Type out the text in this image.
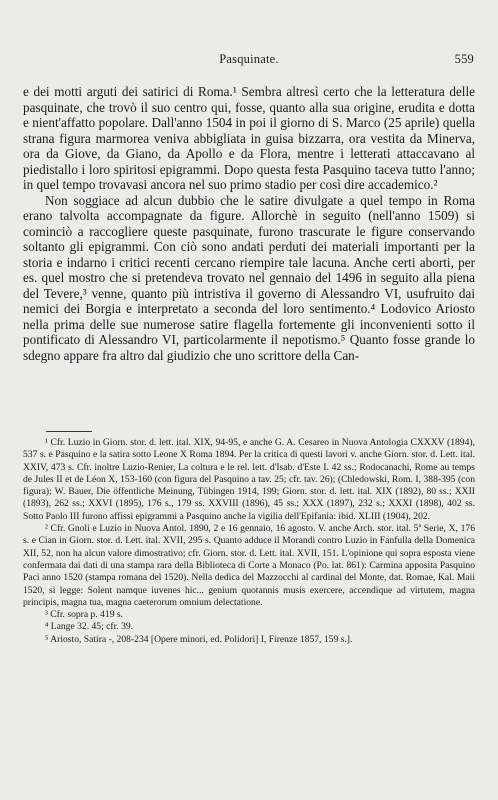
Pasquinate.	559

e dei motti arguti dei satirici di Roma.¹ Sembra altresì certo che la letteratura delle pasquinate, che trovò il suo centro qui, fosse, quanto alla sua origine, erudita e dotta e nient'affatto popolare. Dall'anno 1504 in poi il giorno di S. Marco (25 aprile) quella strana figura marmorea veniva abbigliata in guisa bizzarra, ora vestita da Minerva, ora da Giove, da Giano, da Apollo e da Flora, mentre i letterati attaccavano al piedistallo i loro spiritosi epigrammi. Dopo questa festa Pasquino taceva tutto l'anno; in quel tempo trovavasi ancora nel suo primo stadio per così dire accademico.²

Non soggiace ad alcun dubbio che le satire divulgate a quel tempo in Roma erano talvolta accompagnate da figure. Allorchè in seguito (nell'anno 1509) si cominciò a raccogliere queste pasquinate, furono trascurate le figure conservando soltanto gli epigrammi. Con ciò sono andati perduti dei materiali importanti per la storia e indarno i critici recenti cercano riempire tale lacuna. Anche certi aborti, per es. quel mostro che si pretendeva trovato nel gennaio del 1496 in seguito alla piena del Tevere,³ venne, quanto più intristiva il governo di Alessandro VI, usufruito dai nemici dei Borgia e interpretato a seconda del loro sentimento.⁴ Lodovico Ariosto nella prima delle sue numerose satire flagella fortemente gli inconvenienti sotto il pontificato di Alessandro VI, particolarmente il nepotismo.⁵ Quanto fosse grande lo sdegno appare fra altro dal giudizio che uno scrittore della Can-

¹ Cfr. Luzio in Giorn. stor. d. lett. ital. XIX, 94-95, e anche G. A. Cesareo in Nuova Antologia CXXXV (1894), 537 s. e Pasquino e la satira sotto Leone X Roma 1894. Per la critica di questi lavori v. anche Giorn. stor. d. Lett. ital. XXIV, 473 s. Cfr. inoltre Luzio-Renier, La coltura e le rel. lett. d'Isab. d'Este I. 42 ss.; Rodocanachi, Rome au temps de Jules II et de Léon X, 153-160 (con figura del Pasquino a tav. 25; cfr. tav. 26); (Chledowski, Rom. I, 388-395 (con figura); W. Bauer, Die öffentliche Meinung, Tübingen 1914, 199; Giorn. stor. d. lett. ital. XIX (1892), 80 ss.; XXII (1893), 262 ss.; XXVI (1895), 176 s., 179 ss. XXVIII (1896), 45 ss.; XXX (1897), 232 s.; XXXI (1898), 402 ss. Sotto Paolo III furono affissi epigrammi a Pasquino anche la vigilia dell'Epifania: ibid. XLIII (1904), 202.

² Cfr. Gnoli e Luzio in Nuova Antol. 1890, 2 e 16 gennaio, 16 agosto. V. anche Arch. stor. ital. 5ª Serie, X, 176 s. e Cian in Giorn. stor. d. Lett. ital. XVII, 295 s. Quanto adduce il Morandi contro Luzio in Fanfulla della Domenica XII, 52, non ha alcun valore dimostrativo; cfr. Giorn. stor. d. Lett. ital. XVII, 151. L'opinione qui sopra esposta viene confermata dai dati di una stampa rara della Biblioteca di Corte a Monaco (Po. lat. 861): Carmina apposita Pasquino Paci anno 1520 (stampa romana del 1520). Nella dedica del Mazzocchi al cardinal del Monte, dat. Romae, Kal. Maii 1520, si legge: Solent namque iuvenes hic... genium quotannis musis exercere, accendique ad virtutem, magna principis, magna tua, magna caeterorum omnium delectatione.

³ Cfr. sopra p. 419 s.

⁴ Lange 32. 45; cfr. 39.

⁵ Ariosto, Satira -, 208-234 [Opere minori, ed. Polidori] I, Firenze 1857, 159 s.].
